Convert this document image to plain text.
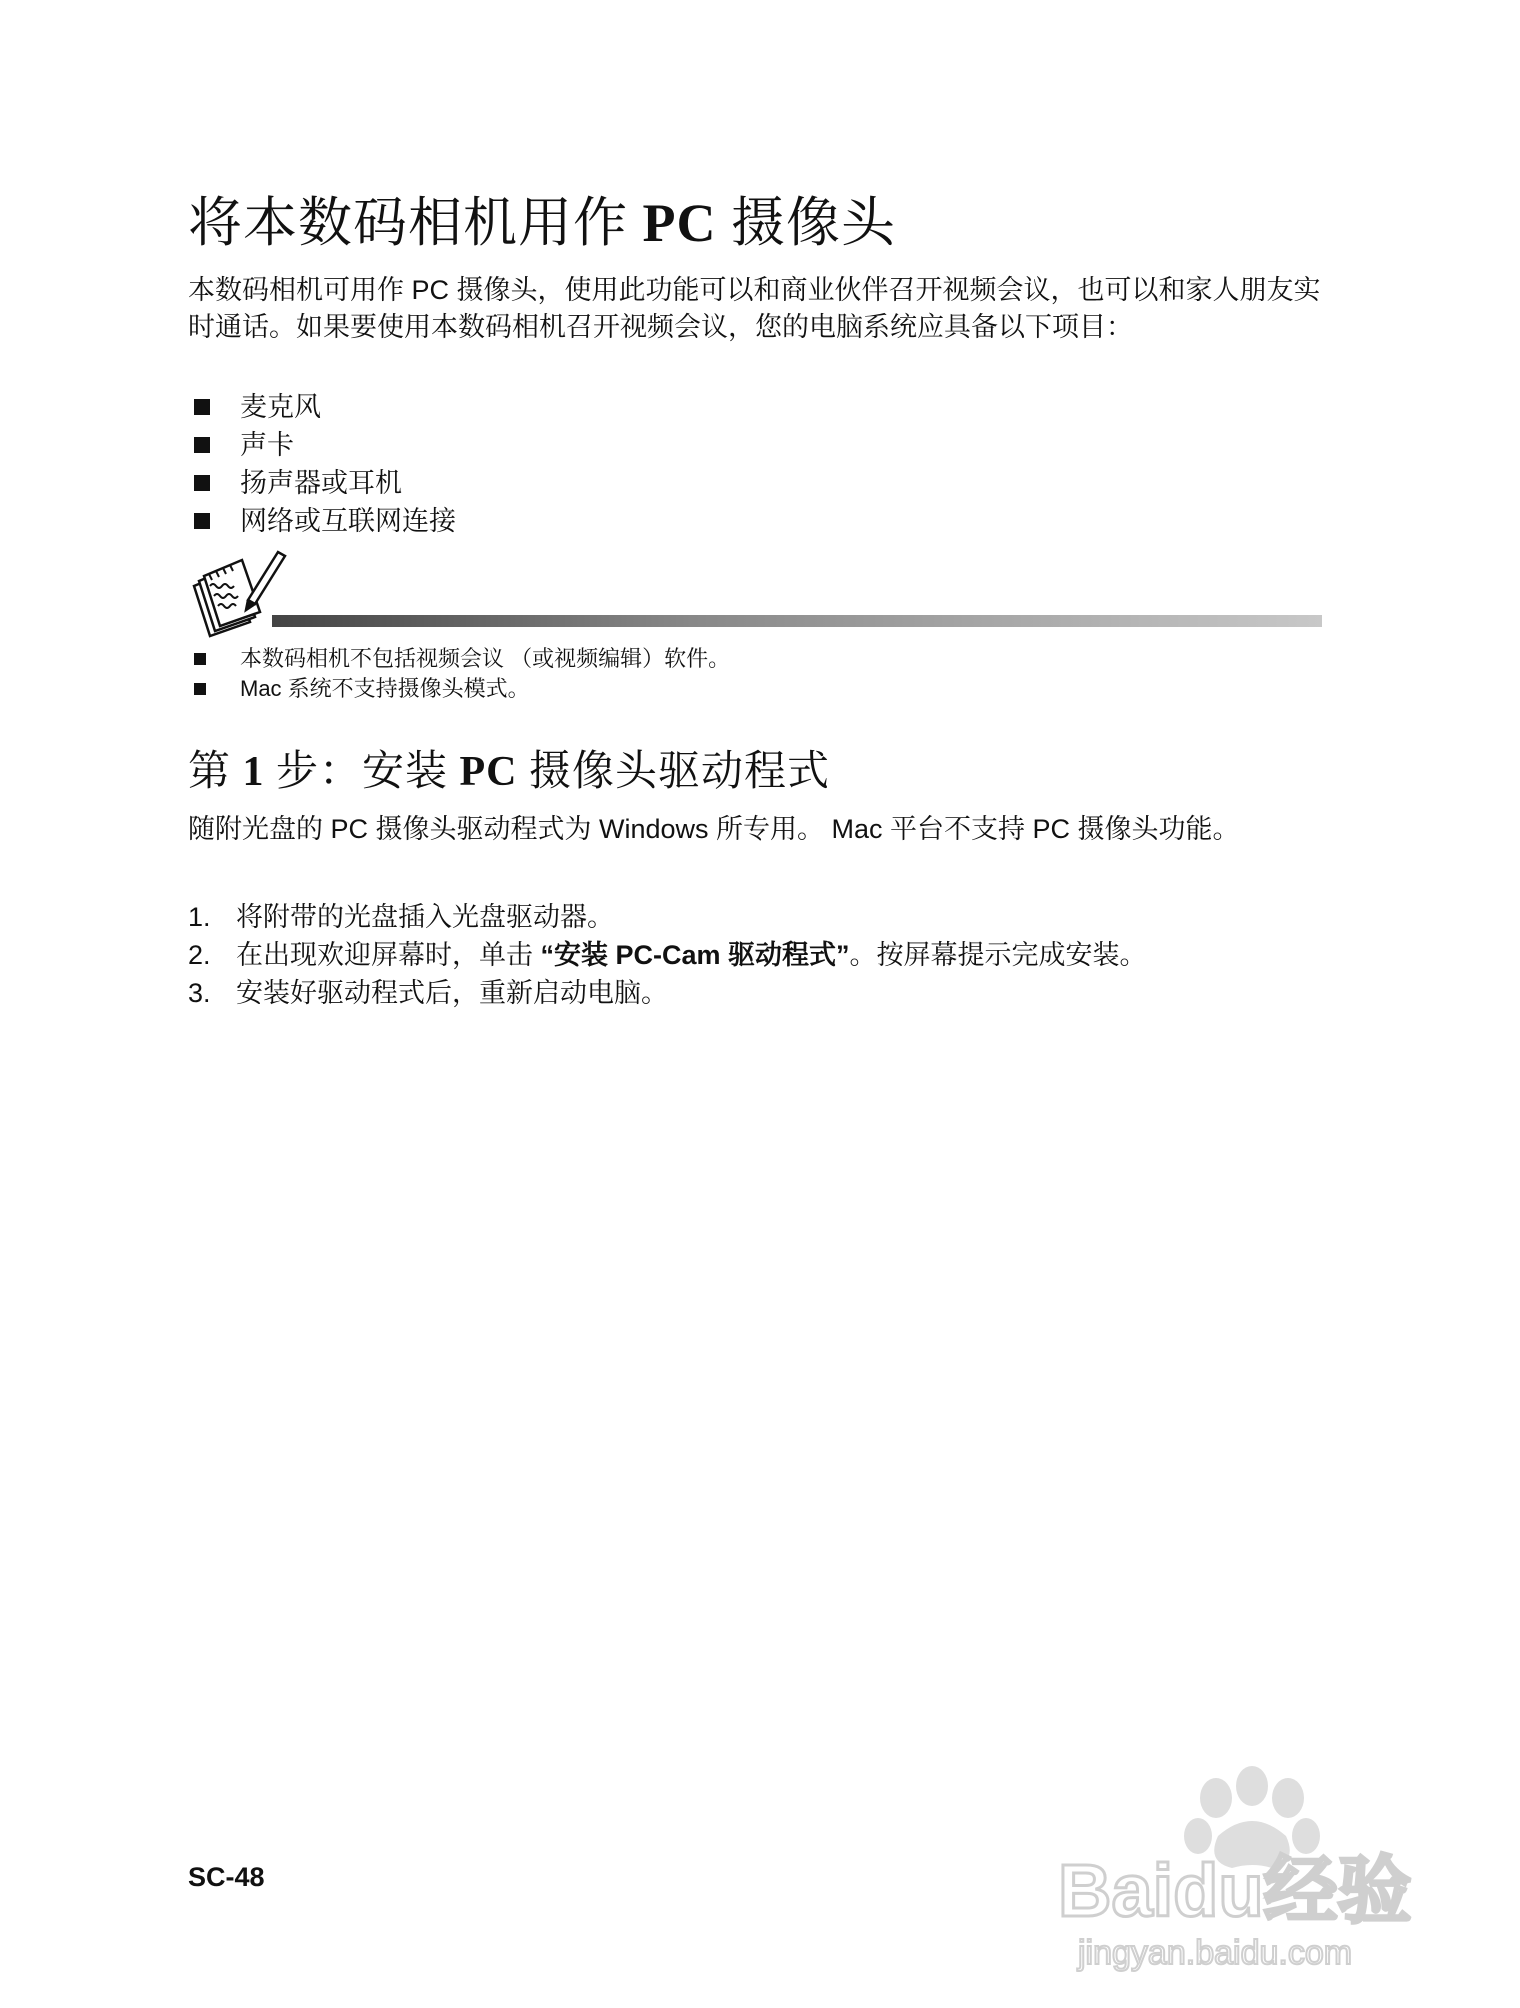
将本数码相机用作 PC 摄像头

本数码相机可用作 PC 摄像头，使用此功能可以和商业伙伴召开视频会议，也可以和家人朋友实时通话。如果要使用本数码相机召开视频会议，您的电脑系统应具备以下项目：

麦克风
声卡
扬声器或耳机
网络或互联网连接
本数码相机不包括视频会议 （或视频编辑）软件。
Mac 系统不支持摄像头模式。
第 1 步：安装 PC 摄像头驱动程式

随附光盘的 PC 摄像头驱动程式为 Windows 所专用。 Mac 平台不支持 PC 摄像头功能。

1. 将附带的光盘插入光盘驱动器。
2. 在出现欢迎屏幕时，单击 “安装 PC-Cam 驱动程式”。按屏幕提示完成安装。
3. 安装好驱动程式后，重新启动电脑。
SC-48	Baidu经验
jingyan.baidu.com
